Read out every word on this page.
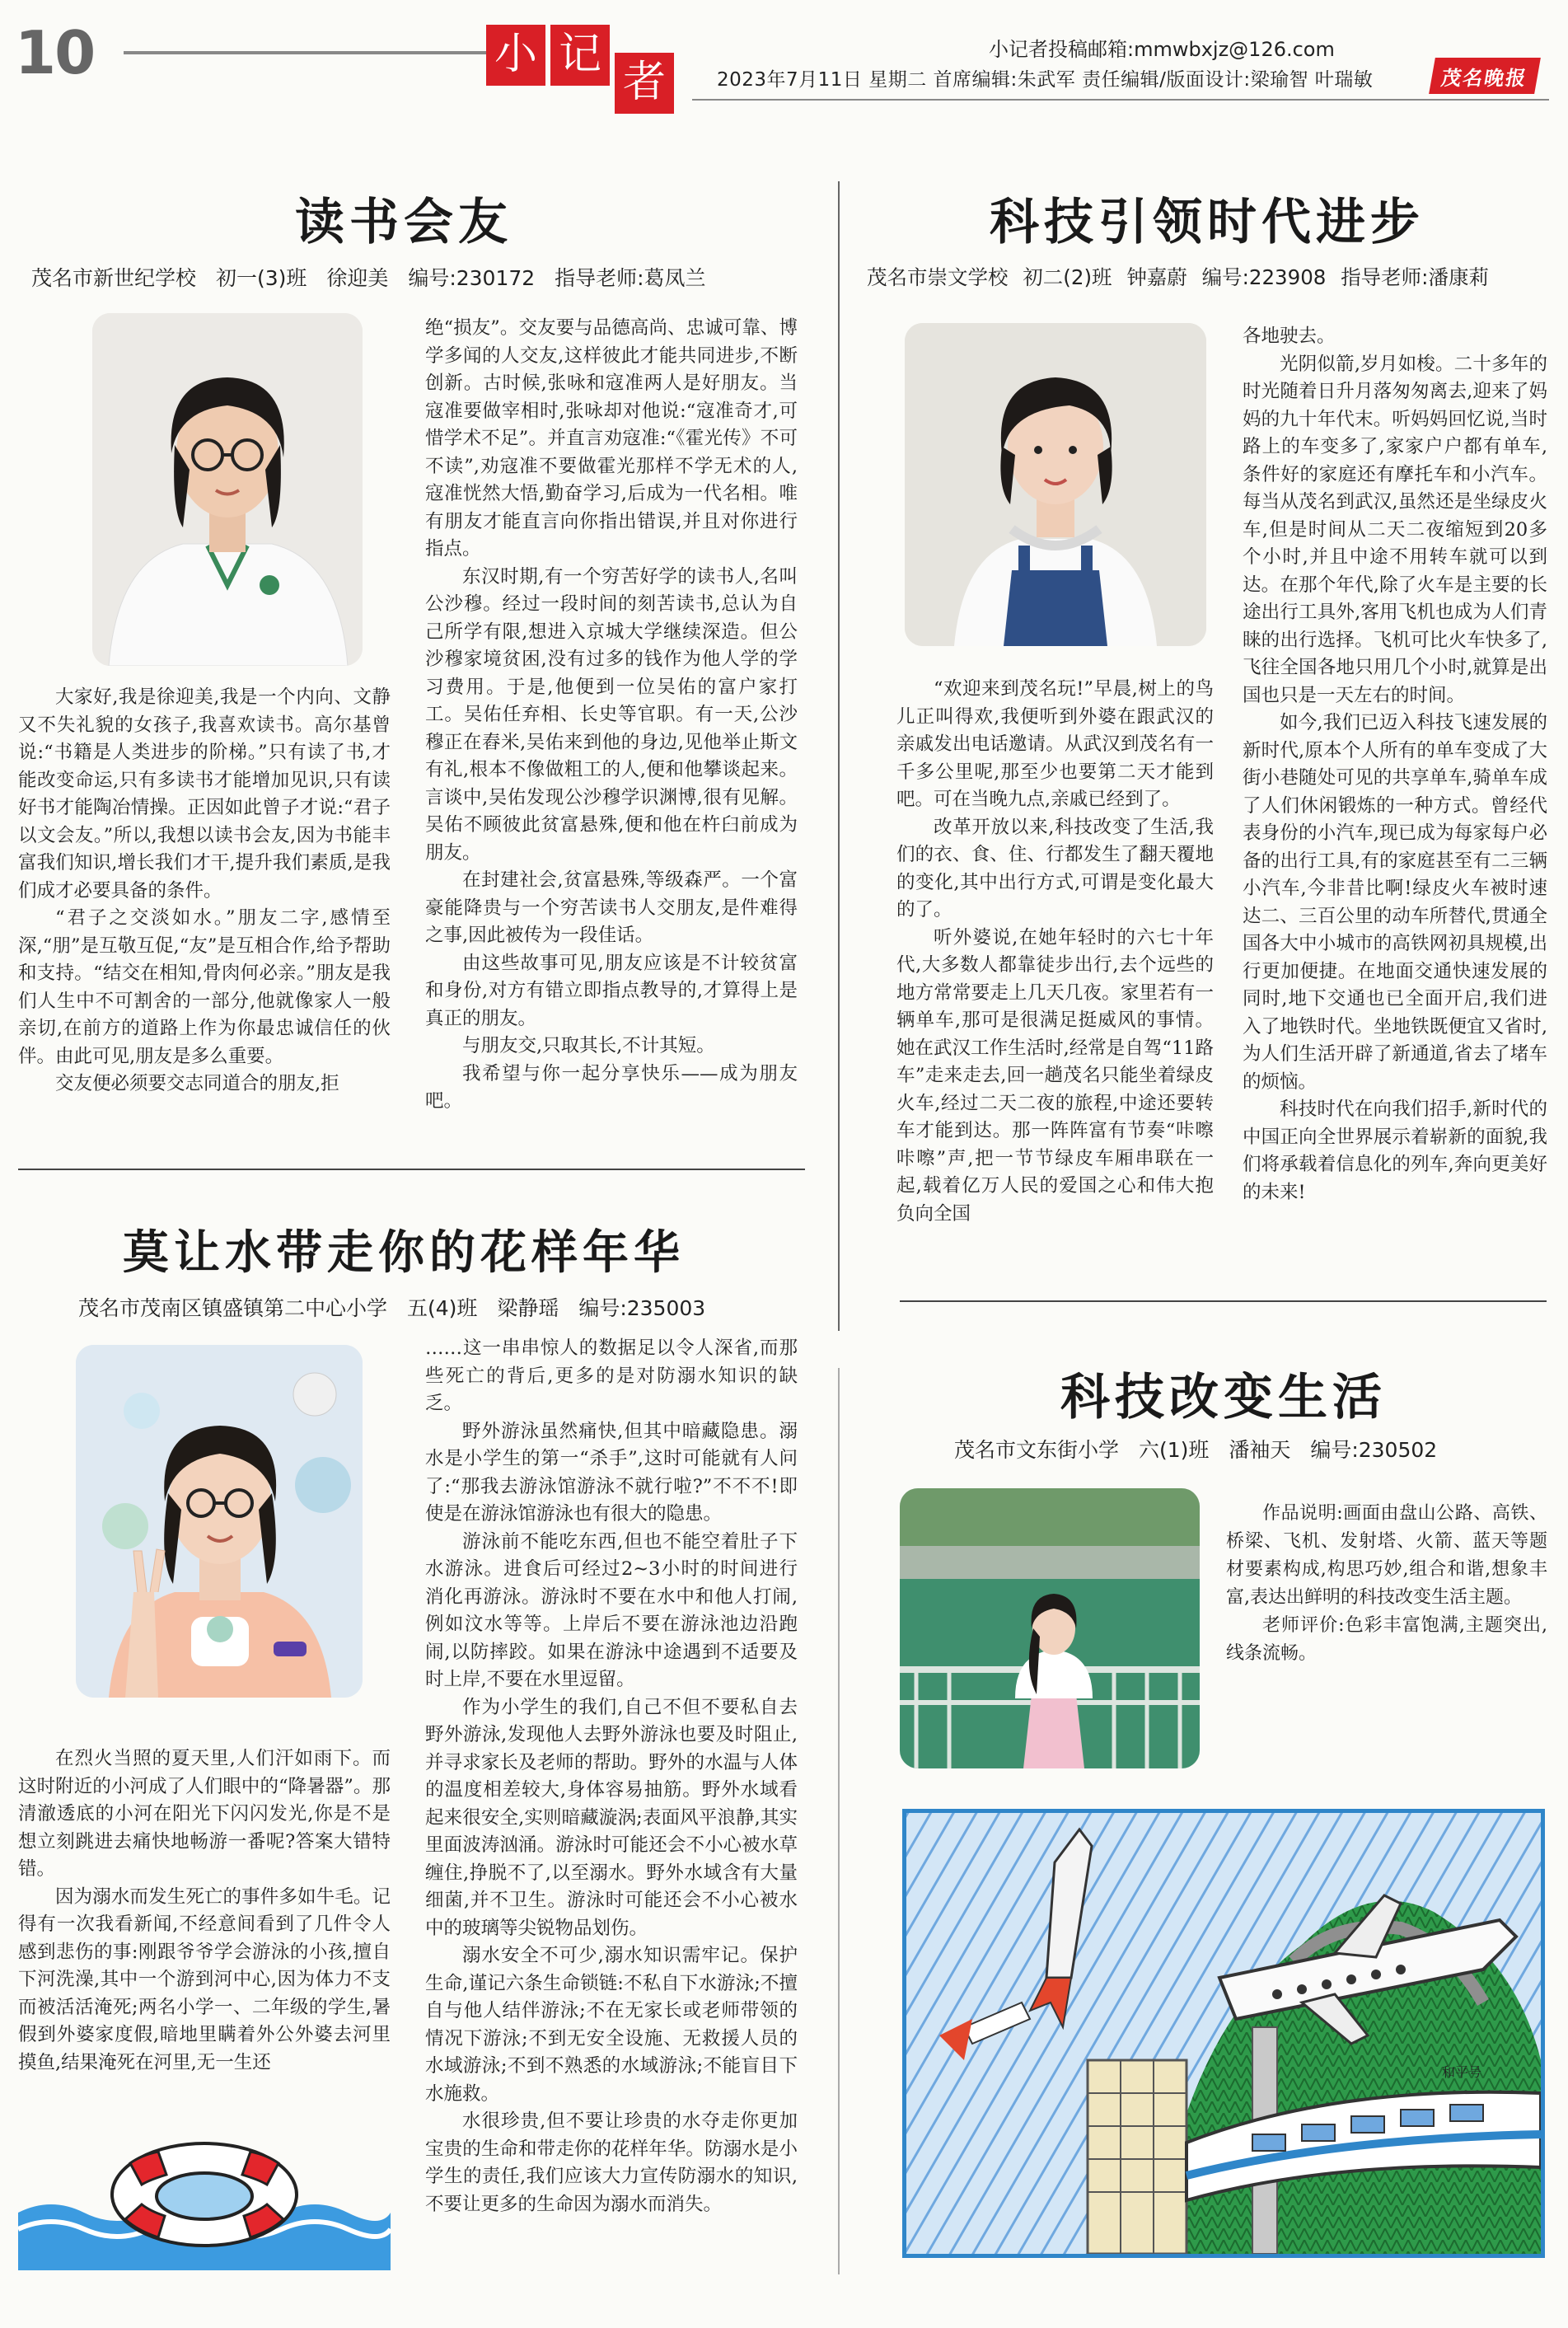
10	小 记
者
小记者投稿邮箱:mmwbxjz@126.com
2023年7月11日 星期二 首席编辑:朱武军 责任编辑/版面设计:梁瑜智 叶瑞敏	茂名晚报
读书会友
茂名市新世纪学校 初一(3)班 徐迎美 编号:230172 指导老师:葛凤兰

大家好,我是徐迎美,我是一个内向、文静又不失礼貌的女孩子,我喜欢读书。高尔基曾说:“书籍是人类进步的阶梯。”只有读了书,才能改变命运,只有多读书才能增加见识,只有读好书才能陶冶情操。正因如此曾子才说:“君子以文会友。”所以,我想以读书会友,因为书能丰富我们知识,增长我们才干,提升我们素质,是我们成才必要具备的条件。

“君子之交淡如水。”朋友二字,感情至深,“朋”是互敬互促,“友”是互相合作,给予帮助和支持。“结交在相知,骨肉何必亲。”朋友是我们人生中不可割舍的一部分,他就像家人一般亲切,在前方的道路上作为你最忠诚信任的伙伴。由此可见,朋友是多么重要。

交友便必须要交志同道合的朋友,拒

绝“损友”。交友要与品德高尚、忠诚可靠、博学多闻的人交友,这样彼此才能共同进步,不断创新。古时候,张咏和寇准两人是好朋友。当寇准要做宰相时,张咏却对他说:“寇准奇才,可惜学术不足”。并直言劝寇准:“《霍光传》不可不读”,劝寇准不要做霍光那样不学无术的人,寇准恍然大悟,勤奋学习,后成为一代名相。唯有朋友才能直言向你指出错误,并且对你进行指点。

东汉时期,有一个穷苦好学的读书人,名叫公沙穆。经过一段时间的刻苦读书,总认为自己所学有限,想进入京城大学继续深造。但公沙穆家境贫困,没有过多的钱作为他人学的学习费用。于是,他便到一位吴佑的富户家打工。吴佑任弃相、长史等官职。有一天,公沙穆正在舂米,吴佑来到他的身边,见他举止斯文有礼,根本不像做粗工的人,便和他攀谈起来。言谈中,吴佑发现公沙穆学识渊博,很有见解。吴佑不顾彼此贫富悬殊,便和他在杵臼前成为朋友。

在封建社会,贫富悬殊,等级森严。一个富豪能降贵与一个穷苦读书人交朋友,是件难得之事,因此被传为一段佳话。

由这些故事可见,朋友应该是不计较贫富和身份,对方有错立即指点教导的,才算得上是真正的朋友。

与朋友交,只取其长,不计其短。

我希望与你一起分享快乐——成为朋友吧。

莫让水带走你的花样年华
茂名市茂南区镇盛镇第二中心小学 五(4)班 梁静瑶 编号:235003

在烈火当照的夏天里,人们汗如雨下。而这时附近的小河成了人们眼中的“降暑器”。那清澈透底的小河在阳光下闪闪发光,你是不是想立刻跳进去痛快地畅游一番呢?答案大错特错。

因为溺水而发生死亡的事件多如牛毛。记得有一次我看新闻,不经意间看到了几件令人感到悲伤的事:刚跟爷爷学会游泳的小孩,擅自下河洗澡,其中一个游到河中心,因为体力不支而被活活淹死;两名小学一、二年级的学生,暑假到外婆家度假,暗地里瞒着外公外婆去河里摸鱼,结果淹死在河里,无一生还

……这一串串惊人的数据足以令人深省,而那些死亡的背后,更多的是对防溺水知识的缺乏。

野外游泳虽然痛快,但其中暗藏隐患。溺水是小学生的第一“杀手”,这时可能就有人问了:“那我去游泳馆游泳不就行啦?”不不不!即使是在游泳馆游泳也有很大的隐患。

游泳前不能吃东西,但也不能空着肚子下水游泳。进食后可经过2~3小时的时间进行消化再游泳。游泳时不要在水中和他人打闹,例如汶水等等。上岸后不要在游泳池边沿跑闹,以防摔跤。如果在游泳中途遇到不适要及时上岸,不要在水里逗留。

作为小学生的我们,自己不但不要私自去野外游泳,发现他人去野外游泳也要及时阻止,并寻求家长及老师的帮助。野外的水温与人体的温度相差较大,身体容易抽筋。野外水域看起来很安全,实则暗藏漩涡;表面风平浪静,其实里面波涛汹涌。游泳时可能还会不小心被水草缠住,挣脱不了,以至溺水。野外水域含有大量细菌,并不卫生。游泳时可能还会不小心被水中的玻璃等尖锐物品划伤。

溺水安全不可少,溺水知识需牢记。保护生命,谨记六条生命锁链:不私自下水游泳;不擅自与他人结伴游泳;不在无家长或老师带领的情况下游泳;不到无安全设施、无救援人员的水域游泳;不到不熟悉的水域游泳;不能盲目下水施救。

水很珍贵,但不要让珍贵的水夺走你更加宝贵的生命和带走你的花样年华。防溺水是小学生的责任,我们应该大力宣传防溺水的知识,不要让更多的生命因为溺水而消失。

科技引领时代进步
茂名市崇文学校 初二(2)班 钟嘉蔚 编号:223908 指导老师:潘康莉

“欢迎来到茂名玩!”早晨,树上的鸟儿正叫得欢,我便听到外婆在跟武汉的亲戚发出电话邀请。从武汉到茂名有一千多公里呢,那至少也要第二天才能到吧。可在当晚九点,亲戚已经到了。

改革开放以来,科技改变了生活,我们的衣、食、住、行都发生了翻天覆地的变化,其中出行方式,可谓是变化最大的了。

听外婆说,在她年轻时的六七十年代,大多数人都靠徒步出行,去个远些的地方常常要走上几天几夜。家里若有一辆单车,那可是很满足挺威风的事情。她在武汉工作生活时,经常是自驾“11路车”走来走去,回一趟茂名只能坐着绿皮火车,经过二天二夜的旅程,中途还要转车才能到达。那一阵阵富有节奏“咔嚓咔嚓”声,把一节节绿皮车厢串联在一起,载着亿万人民的爱国之心和伟大抱负向全国

各地驶去。

光阴似箭,岁月如梭。二十多年的时光随着日升月落匆匆离去,迎来了妈妈的九十年代末。听妈妈回忆说,当时路上的车变多了,家家户户都有单车,条件好的家庭还有摩托车和小汽车。每当从茂名到武汉,虽然还是坐绿皮火车,但是时间从二天二夜缩短到20多个小时,并且中途不用转车就可以到达。在那个年代,除了火车是主要的长途出行工具外,客用飞机也成为人们青睐的出行选择。飞机可比火车快多了,飞往全国各地只用几个小时,就算是出国也只是一天左右的时间。

如今,我们已迈入科技飞速发展的新时代,原本个人所有的单车变成了大街小巷随处可见的共享单车,骑单车成了人们休闲锻炼的一种方式。曾经代表身份的小汽车,现已成为每家每户必备的出行工具,有的家庭甚至有二三辆小汽车,今非昔比啊!绿皮火车被时速达二、三百公里的动车所替代,贯通全国各大中小城市的高铁网初具规模,出行更加便捷。在地面交通快速发展的同时,地下交通也已全面开启,我们进入了地铁时代。坐地铁既便宜又省时,为人们生活开辟了新通道,省去了堵车的烦恼。

科技时代在向我们招手,新时代的中国正向全世界展示着崭新的面貌,我们将承载着信息化的列车,奔向更美好的未来!

科技改变生活
茂名市文东街小学 六(1)班 潘袖天 编号:230502

作品说明:画面由盘山公路、高铁、桥梁、飞机、发射塔、火箭、蓝天等题材要素构成,构思巧妙,组合和谐,想象丰富,表达出鲜明的科技改变生活主题。

老师评价:色彩丰富饱满,主题突出,线条流畅。

和平号
